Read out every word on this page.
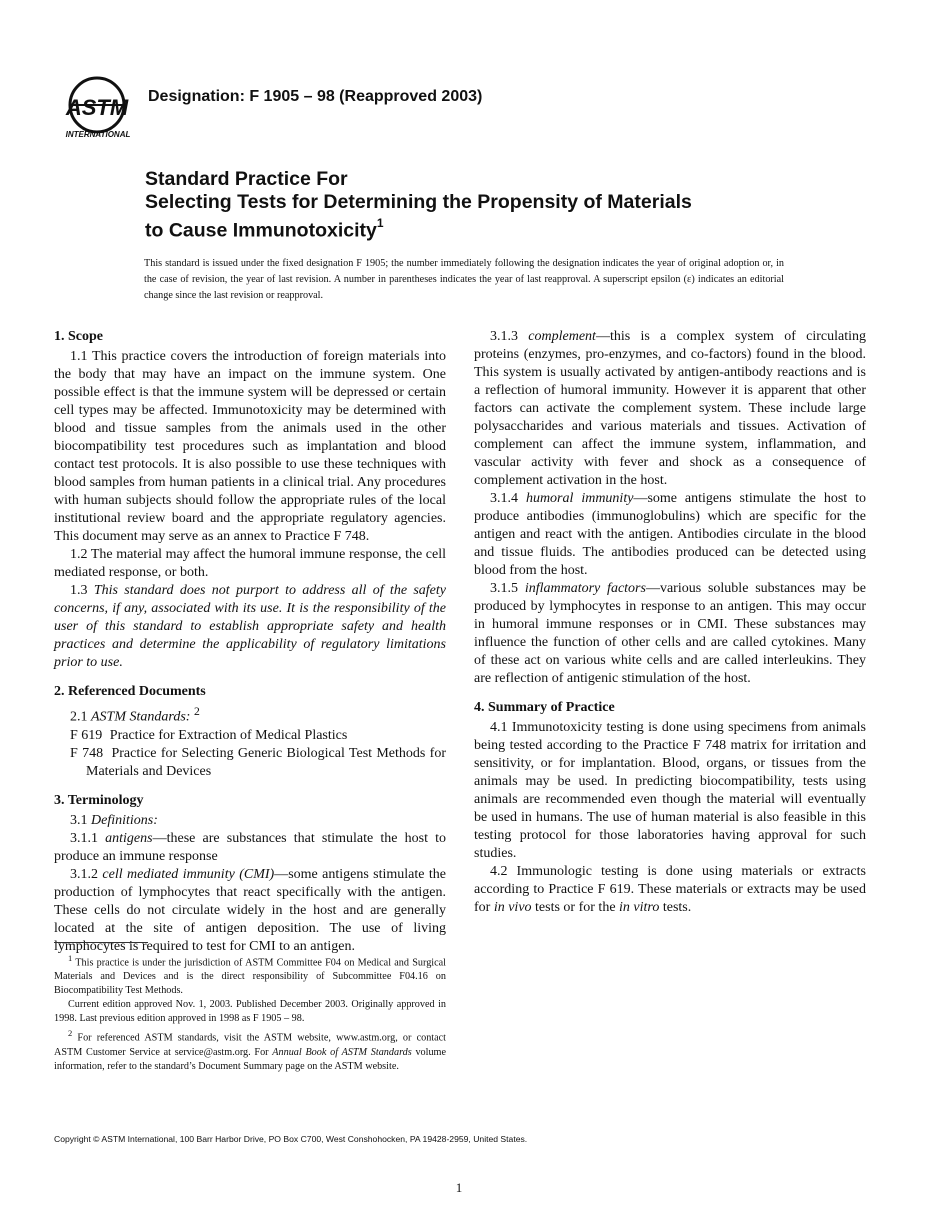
ASTM
INTERNATIONAL
Designation: F 1905 – 98 (Reapproved 2003)
Standard Practice For
Selecting Tests for Determining the Propensity of Materials
to Cause Immunotoxicity$^1$
This standard is issued under the fixed designation F 1905; the number immediately following the designation indicates the year of original adoption or, in the case of revision, the year of last revision. A number in parentheses indicates the year of last reapproval. A superscript epsilon (ε) indicates an editorial change since the last revision or reapproval.
1. Scope

1.1 This practice covers the introduction of foreign materials into the body that may have an impact on the immune system. One possible effect is that the immune system will be depressed or certain cell types may be affected. Immunotoxicity may be determined with blood and tissue samples from the animals used in the other biocompatibility test procedures such as implantation and blood contact test protocols. It is also possible to use these techniques with blood samples from human patients in a clinical trial. Any procedures with human subjects should follow the appropriate rules of the local institutional review board and the appropriate regulatory agencies. This document may serve as an annex to Practice F 748.

1.2 The material may affect the humoral immune response, the cell mediated response, or both.

1.3 This standard does not purport to address all of the safety concerns, if any, associated with its use. It is the responsibility of the user of this standard to establish appropriate safety and health practices and determine the applicability of regulatory limitations prior to use.

2. Referenced Documents

2.1 ASTM Standards: $^2$

F 619 Practice for Extraction of Medical Plastics

F 748 Practice for Selecting Generic Biological Test Methods for Materials and Devices

3. Terminology

3.1 Definitions:

3.1.1 antigens—these are substances that stimulate the host to produce an immune response

3.1.2 cell mediated immunity (CMI)—some antigens stimulate the production of lymphocytes that react specifically with the antigen. These cells do not circulate widely in the host and are generally located at the site of antigen deposition. The use of living lymphocytes is required to test for CMI to an antigen.

$^1$ This practice is under the jurisdiction of ASTM Committee F04 on Medical and Surgical Materials and Devices and is the direct responsibility of Subcommittee F04.16 on Biocompatibility Test Methods.

Current edition approved Nov. 1, 2003. Published December 2003. Originally approved in 1998. Last previous edition approved in 1998 as F 1905 – 98.

$^2$ For referenced ASTM standards, visit the ASTM website, www.astm.org, or contact ASTM Customer Service at service@astm.org. For Annual Book of ASTM Standards volume information, refer to the standard’s Document Summary page on the ASTM website.

3.1.3 complement—this is a complex system of circulating proteins (enzymes, pro-enzymes, and co-factors) found in the blood. This system is usually activated by antigen-antibody reactions and is a reflection of humoral immunity. However it is apparent that other factors can activate the complement system. These include large polysaccharides and various materials and tissues. Activation of complement can affect the immune system, inflammation, and vascular activity with fever and shock as a consequence of complement activation in the host.

3.1.4 humoral immunity—some antigens stimulate the host to produce antibodies (immunoglobulins) which are specific for the antigen and react with the antigen. Antibodies circulate in the blood and tissue fluids. The antibodies produced can be detected using blood from the host.

3.1.5 inflammatory factors—various soluble substances may be produced by lymphocytes in response to an antigen. This may occur in humoral immune responses or in CMI. These substances may influence the function of other cells and are called cytokines. Many of these act on various white cells and are called interleukins. They are reflection of antigenic stimulation of the host.

4. Summary of Practice

4.1 Immunotoxicity testing is done using specimens from animals being tested according to the Practice F 748 matrix for irritation and sensitivity, or for implantation. Blood, organs, or tissues from the animals may be used. In predicting biocompatibility, tests using animals are recommended even though the material will eventually be used in humans. The use of human material is also feasible in this testing protocol for those laboratories having approval for such studies.

4.2 Immunologic testing is done using materials or extracts according to Practice F 619. These materials or extracts may be used for in vivo tests or for the in vitro tests.

Copyright © ASTM International, 100 Barr Harbor Drive, PO Box C700, West Conshohocken, PA 19428-2959, United States.
1
